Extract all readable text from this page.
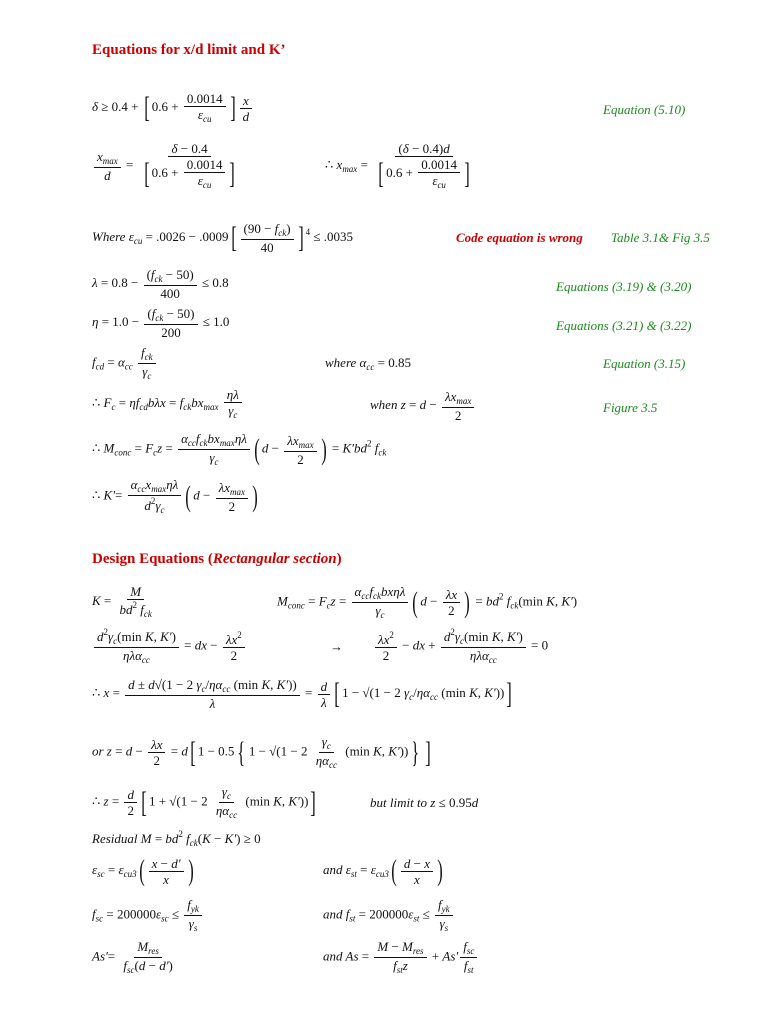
Equations for x/d limit and K’
δ ≥ 0.4 + [ $0.6 + \frac{0.0014}{\varepsilon_{cu}}$ ] $\frac{x}{d}$	Equation (5.10)
$\frac{x_{max}}{d} = \frac{\delta - 0.4}{[ 0.6 + \frac{0.0014}{\varepsilon_{cu}} ]}$	∴ $x_{max} = \frac{(\delta - 0.4)d}{[ 0.6 + \frac{0.0014}{\varepsilon_{cu}} ]}$
Where $\varepsilon_{cu} = .0026 - .0009[ \frac{(90 - f_{ck})}{40}$ ] $^4$ ≤ .0035	Code equation is wrong Table 3.1& Fig 3.5
$\lambda = 0.8 - \frac{(f_{ck} - 50)}{400} \le 0.8$	Equations (3.19) & (3.20)
$\eta = 1.0 - \frac{(f_{ck} - 50)}{200} \le 1.0$	Equations (3.21) & (3.22)
$f_{cd} = \alpha_{cc} \frac{f_{ck}}{\gamma_c}$	where $\alpha_{cc} = 0.85$	Equation (3.15)
∴ $F_c = \eta f_{cd}b\lambda x = f_{ck}bx_{max} \frac{\eta\lambda}{\gamma_c}$	when $z = d - \frac{\lambda x_{max}}{2}$	Figure 3.5
∴ $M_{conc} = F_cz = \frac{\alpha_{cc}f_{ck}bx_{max}\eta\lambda}{\gamma_c}$ ( $d - \frac{\lambda x_{max}}{2}$ ) = $K'bd^2$ $f_{ck}$
∴ $K'= \frac{\alpha_{cc}x_{max}\eta\lambda}{d^2\gamma_c}$ ( $d - \frac{\lambda x_{max}}{2}$ )
Design Equations (Rectangular section)
$K = \frac{M}{bd^2 f_{ck}}$	$M_{conc} = F_cz = \frac{\alpha_{cc}f_{ck}bx\eta\lambda}{\gamma_c}$ ( $d - \frac{\lambda x}{2}$ ) = $bd^2$ $f_{ck}(\min$ K, K')
$\frac{d^2\gamma_c(\min K, K')}{\eta\lambda\alpha_{cc}}$ = dx − $\frac{\lambda x^2}{2}$	→ $\frac{\lambda x^2}{2}$ − dx + $\frac{d^2\gamma_c(\min K, K')}{\eta\lambda\alpha_{cc}} = 0$
∴ $x = \frac{d \pm d√(1 - 2 \gamma_c/\eta\alpha_{cc} (\min K, K'))}{\lambda} = \frac{d}{\lambda}$ [ 1 − √(1 − 2 $\gamma_c/\eta\alpha_{cc}$ (min K, K'))]
or $z = d - \frac{\lambda x}{2} = d$[ 1 − 0.5 { $1 - √(1 - 2 \frac{\gamma_c}{\eta\alpha_{cc}} (\min$ K, K')) } ]
∴ $z = \frac{d}{2}$ [ $1 + √(1 - 2 \frac{\gamma_c}{\eta\alpha_{cc}} (\min$ K, K'))]	but limit to z ≤ 0.95d
Residual $M = bd^2$ $f_{ck}(K - K') \ge 0$
$\varepsilon_{sc} = \varepsilon_{cu3}( \frac{x - d'}{x}$ )	and $\varepsilon_{st} = \varepsilon_{cu3}( \frac{d - x}{x}$ )
$f_{sc} = 200000\varepsilon_{sc} \le \frac{f_{yk}}{\gamma_s}$	and $f_{st} = 200000\varepsilon_{st} \le \frac{f_{yk}}{\gamma_s}$
$As'= \frac{M_{res}}{f_{sc}(d - d')}$	and $As = \frac{M - M_{res}}{f_{st}z} + As' \frac{f_{sc}}{f_{st}}$
